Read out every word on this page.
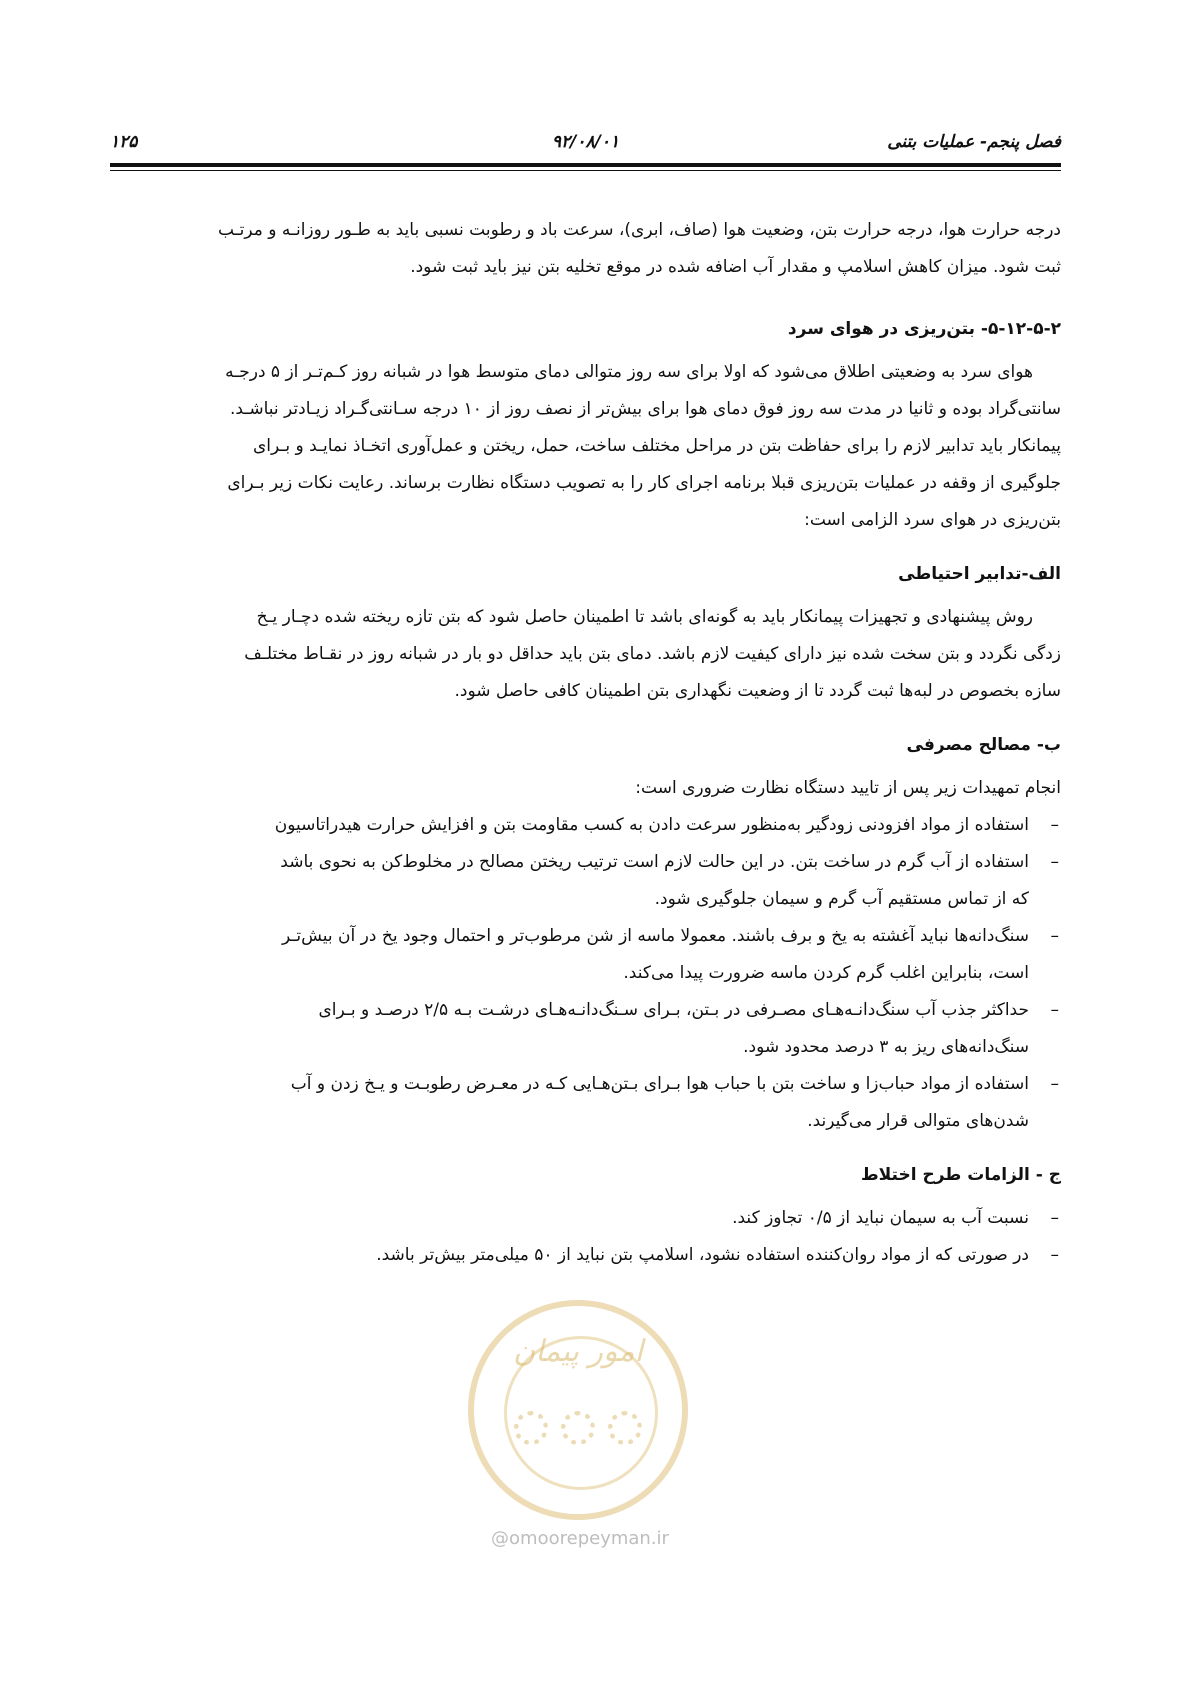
فصل پنجم- عملیات بتنی
۹۲/۰۸/۰۱
۱۲۵

درجه حرارت هوا، درجه حرارت بتن، وضعیت هوا (صاف، ابری)، سرعت باد و رطوبت نسبی باید به طـور روزانـه و مرتـب

ثبت شود. میزان کاهش اسلامپ و مقدار آب اضافه شده در موقع تخلیه بتن نیز باید ثبت شود.

۵-۱۲-۵-۲- بتن‌ریزی در هوای سرد

هوای سرد به وضعیتی اطلاق می‌شود که اولا برای سه روز متوالی دمای متوسط هوا در شبانه روز کـم‌تـر از ۵ درجـه

سانتی‌گراد بوده و ثانیا در مدت سه روز فوق دمای هوا برای بیش‌تر از نصف روز از ۱۰ درجه سـانتی‌گـراد زیـادتر نباشـد.

پیمانکار باید تدابیر لازم را برای حفاظت بتن در مراحل مختلف ساخت، حمل، ریختن و عمل‌آوری اتخـاذ نمایـد و بـرای

جلوگیری از وقفه در عملیات بتن‌ریزی قبلا برنامه اجرای کار را به تصویب دستگاه نظارت برساند. رعایت نکات زیر بـرای

بتن‌ریزی در هوای سرد الزامی است:

الف-تدابیر احتیاطی

روش پیشنهادی و تجهیزات پیمانکار باید به گونه‌ای باشد تا اطمینان حاصل شود که بتن تازه ریخته شده دچـار یـخ

زدگی نگردد و بتن سخت شده نیز دارای کیفیت لازم باشد. دمای بتن باید حداقل دو بار در شبانه روز در نقـاط مختلـف

سازه بخصوص در لبه‌ها ثبت گردد تا از وضعیت نگهداری بتن اطمینان کافی حاصل شود.

ب- مصالح مصرفی

انجام تمهیدات زیر پس از تایید دستگاه نظارت ضروری است:

–
استفاده از مواد افزودنی زودگیر به‌منظور سرعت دادن به کسب مقاومت بتن و افزایش حرارت هیدراتاسیون
–
استفاده از آب گرم در ساخت بتن. در این حالت لازم است ترتیب ریختن مصالح در مخلوط‌کن به نحوی باشد
که از تماس مستقیم آب گرم و سیمان جلوگیری شود.
–
سنگ‌دانه‌ها نباید آغشته به یخ و برف باشند. معمولا ماسه از شن مرطوب‌تر و احتمال وجود یخ در آن بیش‌تـر
است، بنابراین اغلب گرم کردن ماسه ضرورت پیدا می‌کند.
–
حداکثر جذب آب سنگ‌دانـه‌هـای مصـرفی در بـتن، بـرای سـنگ‌دانـه‌هـای درشـت بـه ۲/۵ درصـد و بـرای
سنگ‌دانه‌های ریز به ۳ درصد محدود شود.
–
استفاده از مواد حباب‌زا و ساخت بتن با حباب هوا بـرای بـتن‌هـایی کـه در معـرض رطوبـت و یـخ زدن و آب
شدن‌های متوالی قرار می‌گیرند.
ج - الزامات طرح اختلاط
–
نسبت آب به سیمان نباید از ۰/۵ تجاوز کند.
–
در صورتی که از مواد روان‌کننده استفاده نشود، اسلامپ بتن نباید از ۵۰ میلی‌متر بیش‌تر باشد.
امور پیمان
@omoorepeyman.ir
